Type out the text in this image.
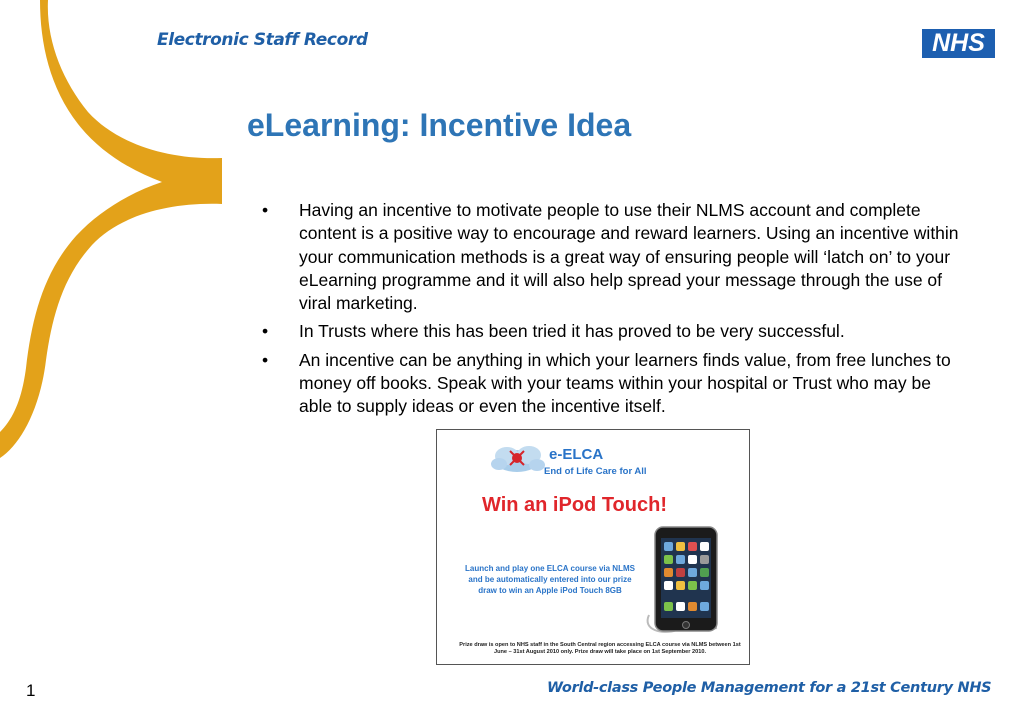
Electronic Staff Record	NHS
eLearning: Incentive Idea
• Having an incentive to motivate people to use their NLMS account and complete content is a positive way to encourage and reward learners. Using an incentive within your communication methods is a great way of ensuring people will ‘latch on’ to your eLearning programme and it will also help spread your message through the use of viral marketing.
• In Trusts where this has been tried it has proved to be very successful.
• An incentive can be anything in which your learners finds value, from free lunches to money off books. Speak with your teams within your hospital or Trust who may be able to supply ideas or even the incentive itself.
e-ELCA
End of Life Care for All
Win an iPod Touch!
Launch and play one ELCA course via NLMS and be automatically entered into our prize draw to win an Apple iPod Touch 8GB
Prize draw is open to NHS staff in the South Central region accessing ELCA course via NLMS between 1st June – 31st August 2010 only. Prize draw will take place on 1st September 2010.
1	World-class People Management for a 21st Century NHS
